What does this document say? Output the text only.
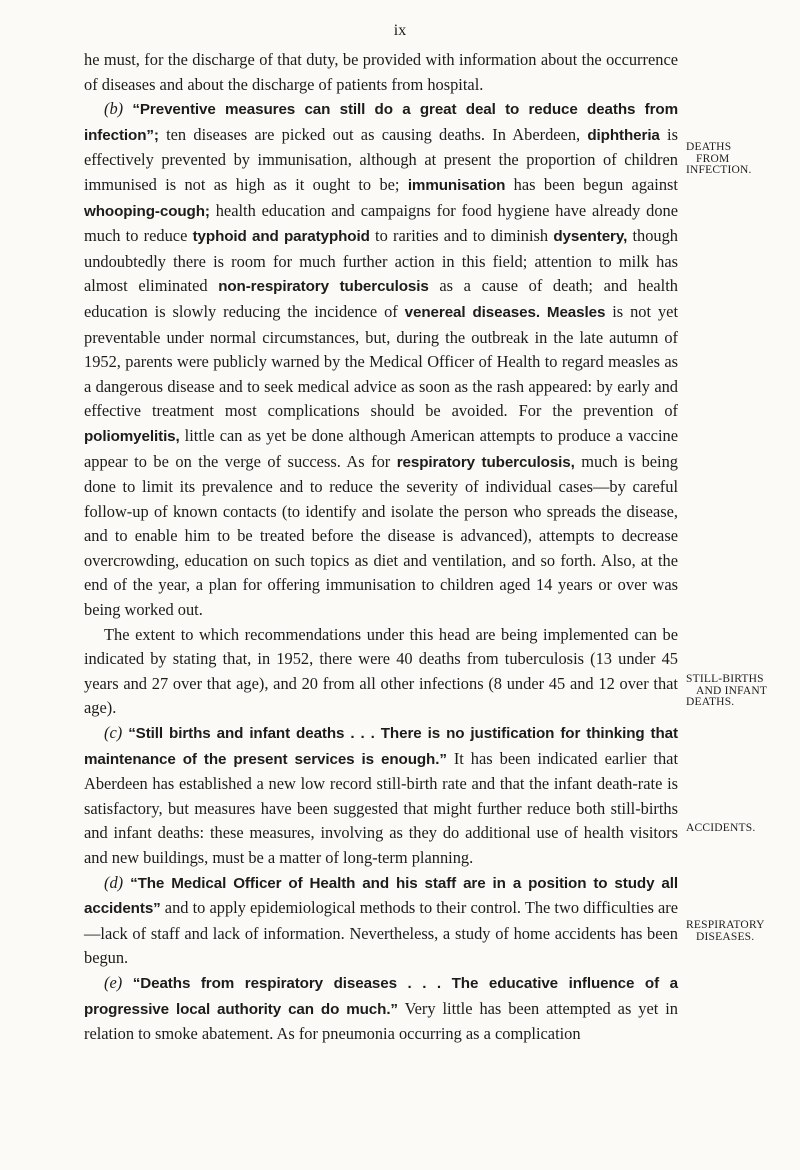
ix

he must, for the discharge of that duty, be provided with information about the occurrence of diseases and about the discharge of patients from hospital.

(b) “Preventive measures can still do a great deal to reduce deaths from infection”; ten diseases are picked out as causing deaths. In Aberdeen, diphtheria is effectively prevented by immunisation, although at present the proportion of children immunised is not as high as it ought to be; immunisation has been begun against whooping-cough; health education and campaigns for food hygiene have already done much to reduce typhoid and paratyphoid to rarities and to diminish dysentery, though undoubtedly there is room for much further action in this field; attention to milk has almost eliminated non-respiratory tuberculosis as a cause of death; and health education is slowly reducing the incidence of venereal diseases. Measles is not yet preventable under normal circumstances, but, during the outbreak in the late autumn of 1952, parents were publicly warned by the Medical Officer of Health to regard measles as a dangerous disease and to seek medical advice as soon as the rash appeared: by early and effective treatment most complications should be avoided. For the prevention of poliomyelitis, little can as yet be done although American attempts to produce a vaccine appear to be on the verge of success. As for respiratory tuberculosis, much is being done to limit its prevalence and to reduce the severity of individual cases—by careful follow-up of known contacts (to identify and isolate the person who spreads the disease, and to enable him to be treated before the disease is advanced), attempts to decrease overcrowding, education on such topics as diet and ventilation, and so forth. Also, at the end of the year, a plan for offering immunisation to children aged 14 years or over was being worked out.

The extent to which recommendations under this head are being implemented can be indicated by stating that, in 1952, there were 40 deaths from tuberculosis (13 under 45 years and 27 over that age), and 20 from all other infections (8 under 45 and 12 over that age).

(c) “Still births and infant deaths . . . There is no justification for thinking that maintenance of the present services is enough.” It has been indicated earlier that Aberdeen has established a new low record still-birth rate and that the infant death-rate is satisfactory, but measures have been suggested that might further reduce both still-births and infant deaths: these measures, involving as they do additional use of health visitors and new buildings, must be a matter of long-term planning.

(d) “The Medical Officer of Health and his staff are in a position to study all accidents” and to apply epidemiological methods to their control. The two difficulties are—lack of staff and lack of information. Nevertheless, a study of home accidents has been begun.

(e) “Deaths from respiratory diseases . . . The educative influence of a progressive local authority can do much.” Very little has been attempted as yet in relation to smoke abatement. As for pneumonia occurring as a complication

DEATHS
FROM
INFECTION.
STILL-BIRTHS
AND INFANT
DEATHS.
ACCIDENTS.
RESPIRATORY
DISEASES.
